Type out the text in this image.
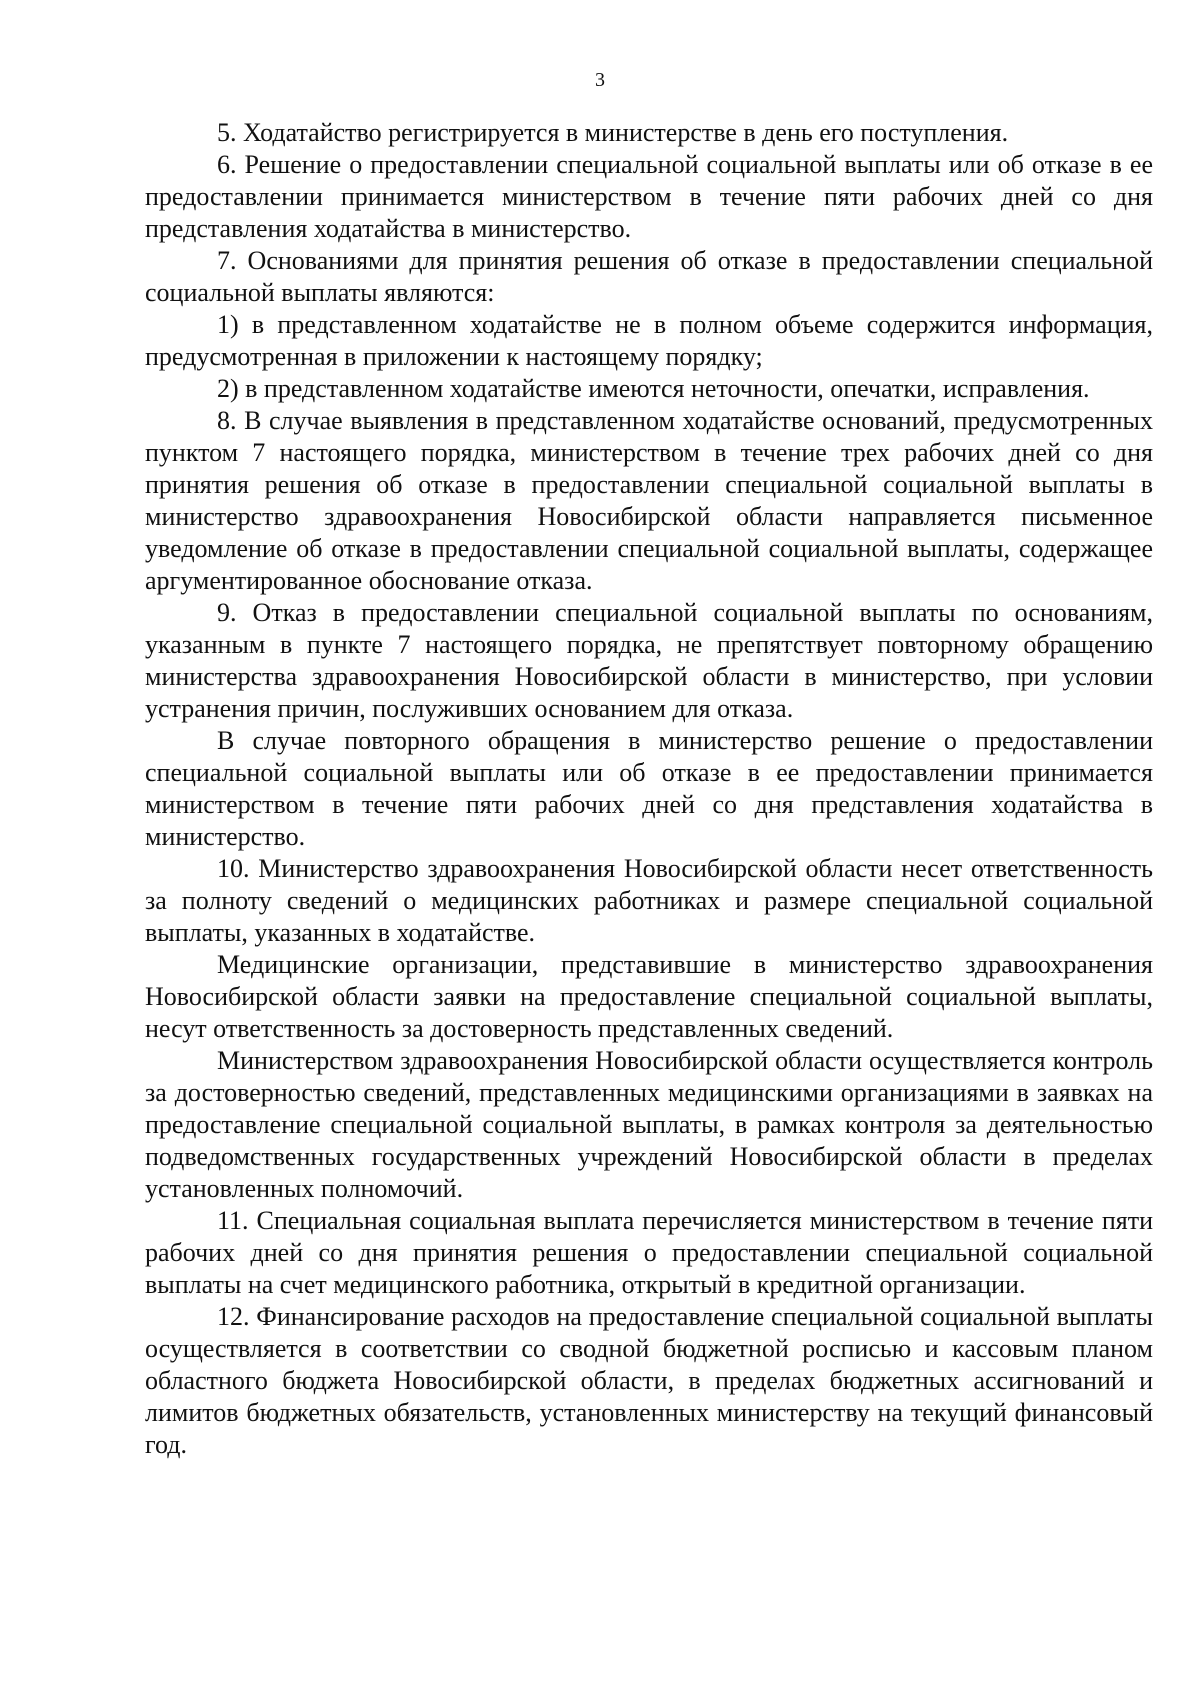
3

5. Ходатайство регистрируется в министерстве в день его поступления.

6. Решение о предоставлении специальной социальной выплаты или об отказе в ее предоставлении принимается министерством в течение пяти рабочих дней со дня представления ходатайства в министерство.

7. Основаниями для принятия решения об отказе в предоставлении специальной социальной выплаты являются:

1) в представленном ходатайстве не в полном объеме содержится информация, предусмотренная в приложении к настоящему порядку;

2) в представленном ходатайстве имеются неточности, опечатки, исправления.

8. В случае выявления в представленном ходатайстве оснований, предусмотренных пунктом 7 настоящего порядка, министерством в течение трех рабочих дней со дня принятия решения об отказе в предоставлении специальной социальной выплаты в министерство здравоохранения Новосибирской области направляется письменное уведомление об отказе в предоставлении специальной социальной выплаты, содержащее аргументированное обоснование отказа.

9. Отказ в предоставлении специальной социальной выплаты по основаниям, указанным в пункте 7 настоящего порядка, не препятствует повторному обращению министерства здравоохранения Новосибирской области в министерство, при условии устранения причин, послуживших основанием для отказа.

В случае повторного обращения в министерство решение о предоставлении специальной социальной выплаты или об отказе в ее предоставлении принимается министерством в течение пяти рабочих дней со дня представления ходатайства в министерство.

10. Министерство здравоохранения Новосибирской области несет ответственность за полноту сведений о медицинских работниках и размере специальной социальной выплаты, указанных в ходатайстве.

Медицинские организации, представившие в министерство здравоохранения Новосибирской области заявки на предоставление специальной социальной выплаты, несут ответственность за достоверность представленных сведений.

Министерством здравоохранения Новосибирской области осуществляется контроль за достоверностью сведений, представленных медицинскими организациями в заявках на предоставление специальной социальной выплаты, в рамках контроля за деятельностью подведомственных государственных учреждений Новосибирской области в пределах установленных полномочий.

11. Специальная социальная выплата перечисляется министерством в течение пяти рабочих дней со дня принятия решения о предоставлении специальной социальной выплаты на счет медицинского работника, открытый в кредитной организации.

12. Финансирование расходов на предоставление специальной социальной выплаты осуществляется в соответствии со сводной бюджетной росписью и кассовым планом областного бюджета Новосибирской области, в пределах бюджетных ассигнований и лимитов бюджетных обязательств, установленных министерству на текущий финансовый год.
